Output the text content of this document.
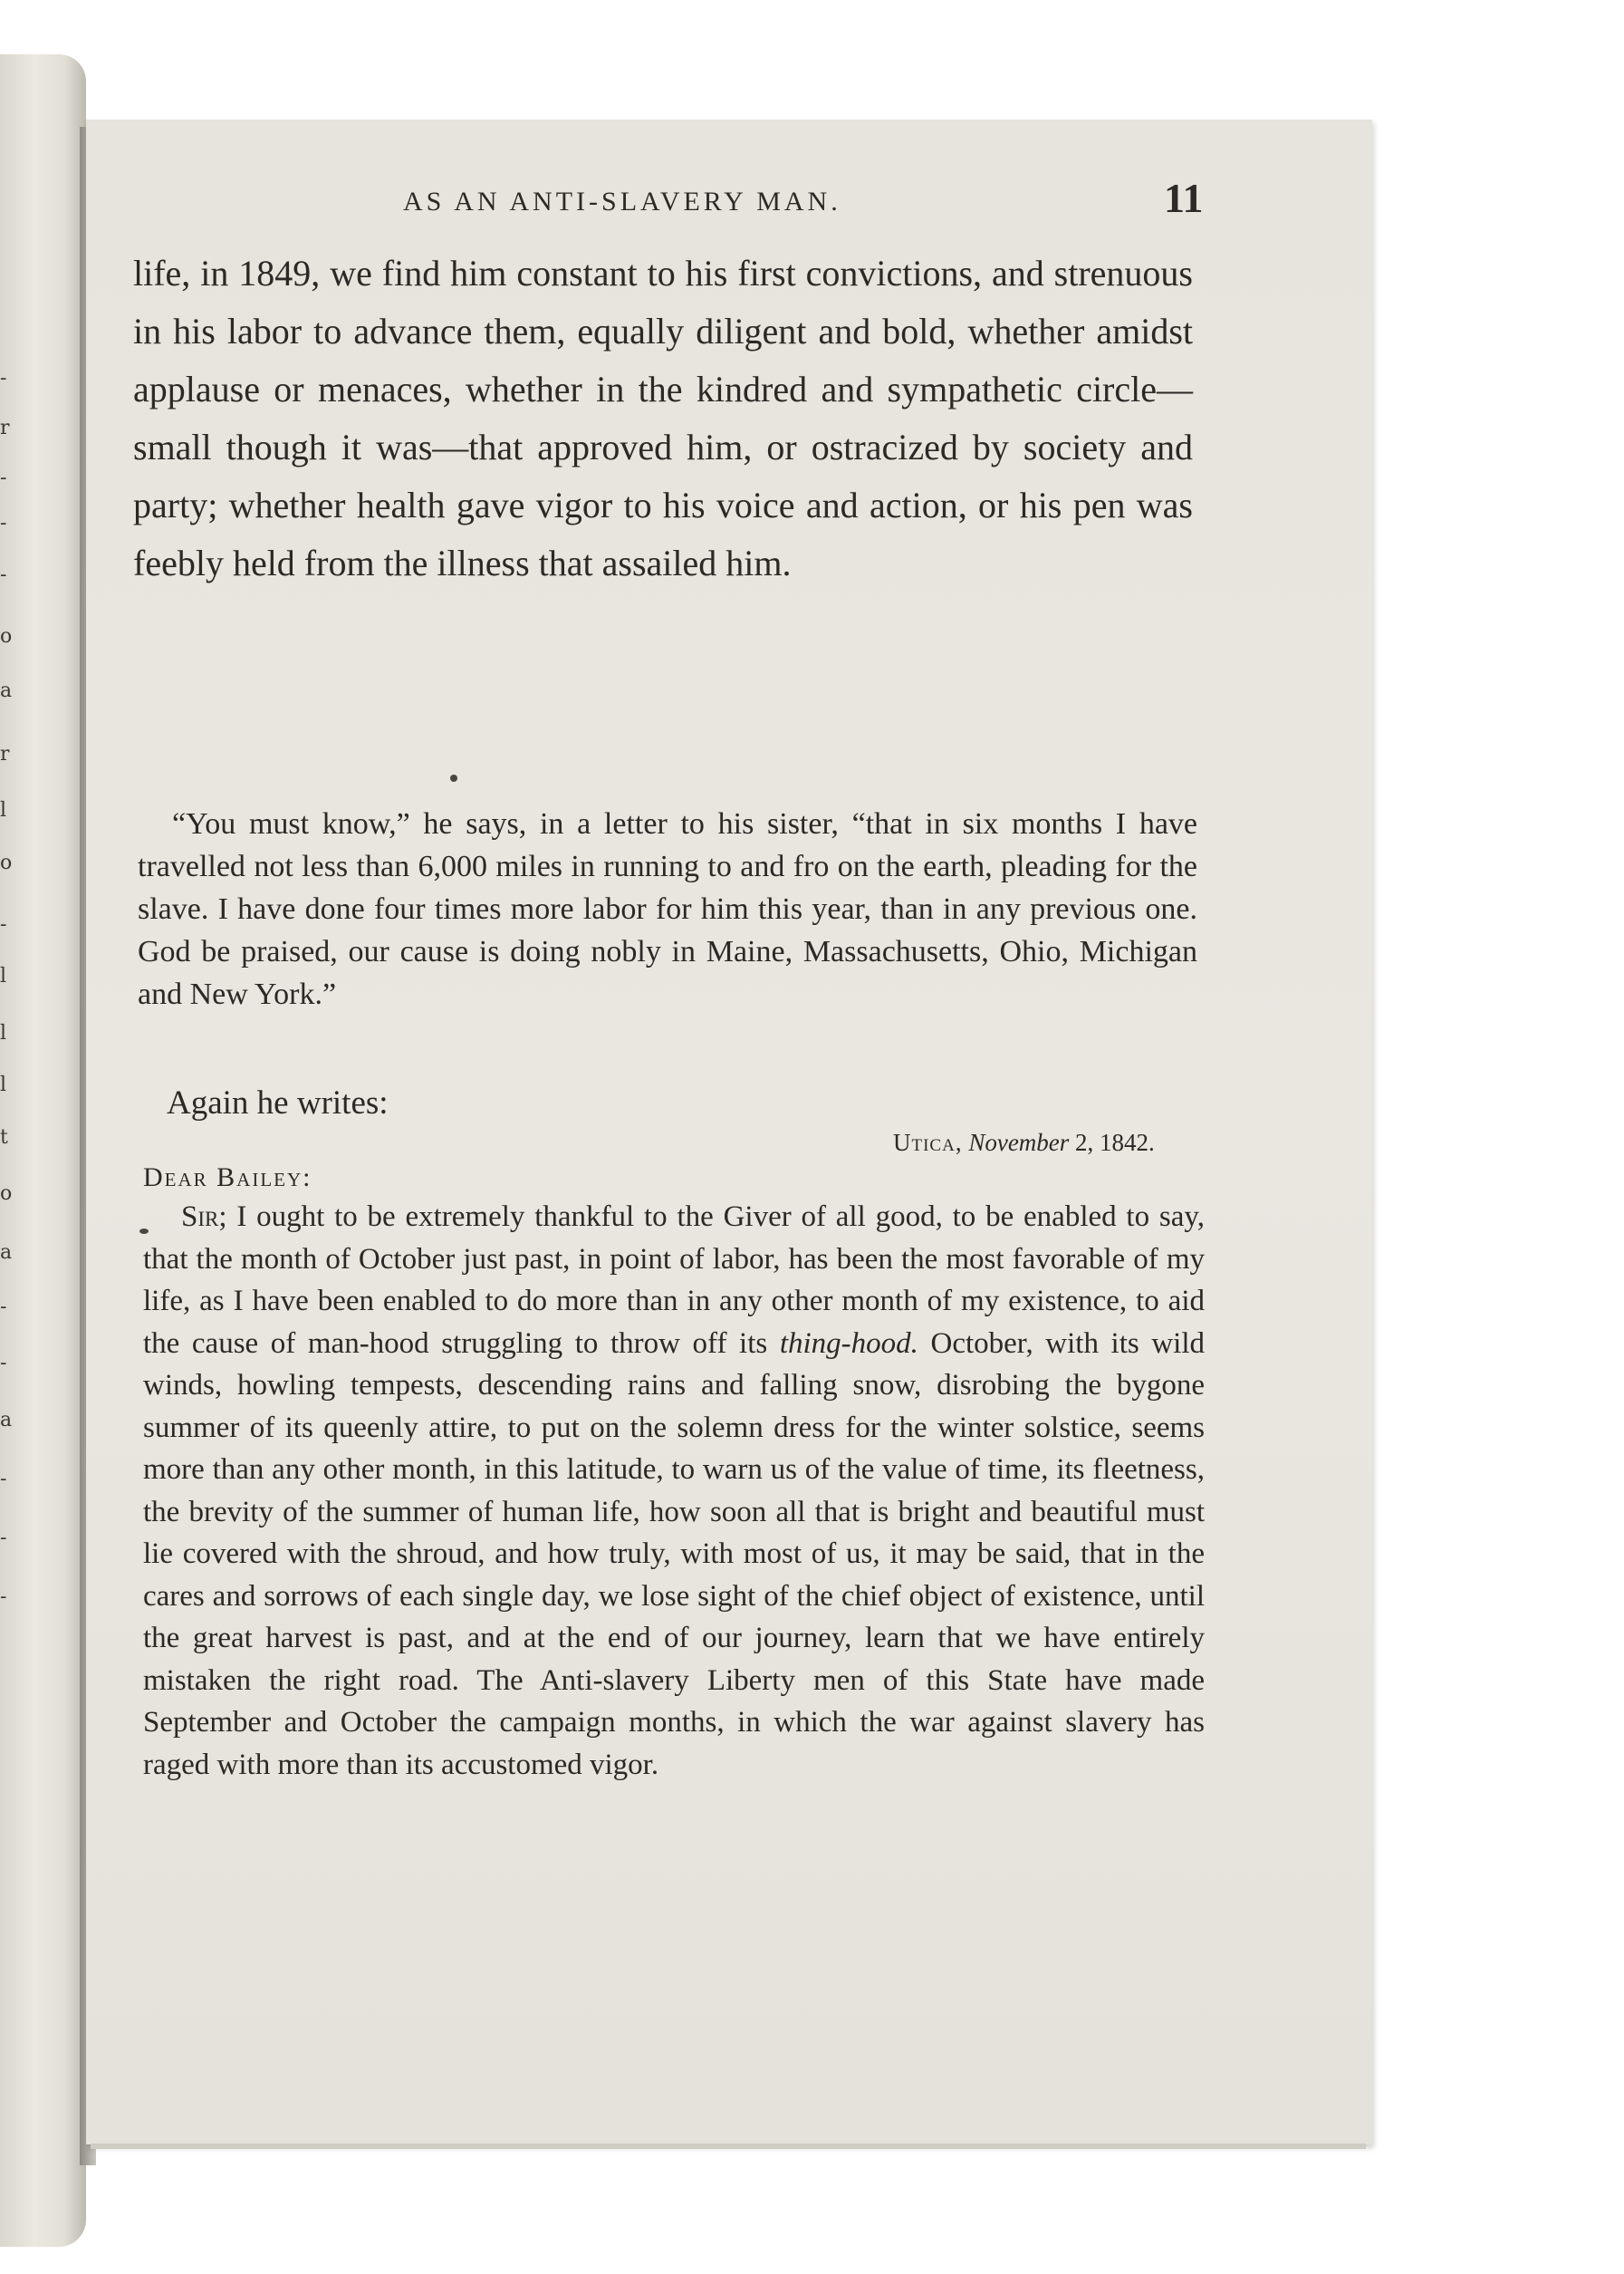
-
r
-
-
-
o
a
r
l
o
-
l
l
l
t
o
a
-
-
a
-
-
-
AS AN ANTI-SLAVERY MAN.	11
life, in 1849, we find him constant to his first convictions, and strenuous in his labor to advance them, equally diligent and bold, whether amidst applause or menaces, whether in the kindred and sympathetic circle—small though it was—that approved him, or ostracized by society and party; whether health gave vigor to his voice and action, or his pen was feebly held from the illness that assailed him.
“You must know,” he says, in a letter to his sister, “that in six months I have travelled not less than 6,000 miles in running to and fro on the earth, pleading for the slave. I have done four times more labor for him this year, than in any previous one. God be praised, our cause is doing nobly in Maine, Massachusetts, Ohio, Michigan and New York.”
Again he writes:
Utica, November 2, 1842.
Dear Bailey:
Sir; I ought to be extremely thankful to the Giver of all good, to be enabled to say, that the month of October just past, in point of labor, has been the most favorable of my life, as I have been enabled to do more than in any other month of my existence, to aid the cause of man-hood struggling to throw off its thing-hood. October, with its wild winds, howling tempests, descending rains and falling snow, disrobing the bygone summer of its queenly attire, to put on the solemn dress for the winter solstice, seems more than any other month, in this latitude, to warn us of the value of time, its fleetness, the brevity of the summer of human life, how soon all that is bright and beautiful must lie covered with the shroud, and how truly, with most of us, it may be said, that in the cares and sorrows of each single day, we lose sight of the chief object of existence, until the great harvest is past, and at the end of our journey, learn that we have entirely mistaken the right road. The Anti-slavery Liberty men of this State have made September and October the campaign months, in which the war against slavery has raged with more than its accustomed vigor.
